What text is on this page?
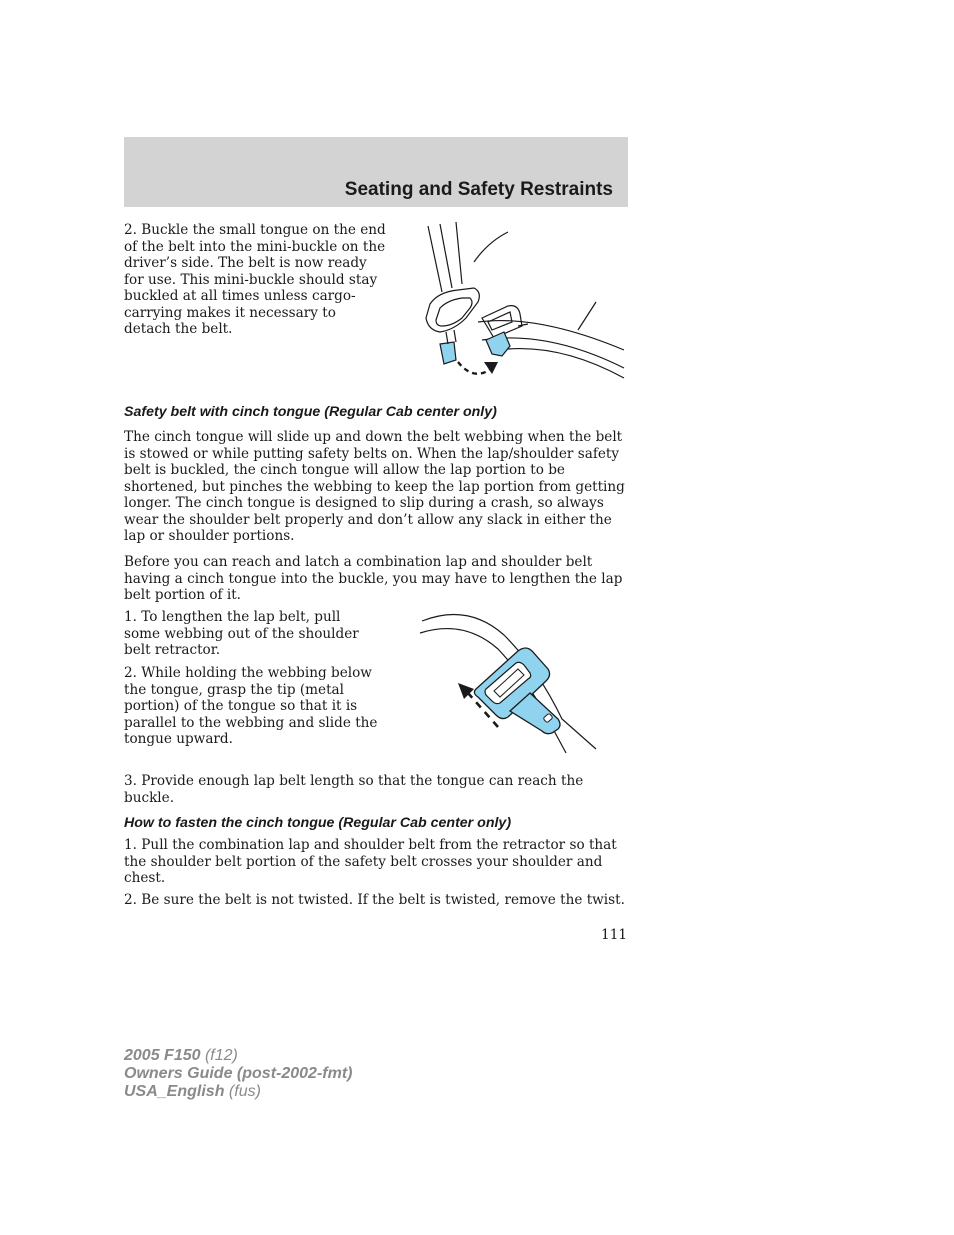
Seating and Safety Restraints

2. Buckle the small tongue on the end of the belt into the mini-buckle on the driver’s side. The belt is now ready for use. This mini-buckle should stay buckled at all times unless cargo-carrying makes it necessary to detach the belt.

Safety belt with cinch tongue (Regular Cab center only)

The cinch tongue will slide up and down the belt webbing when the belt is stowed or while putting safety belts on. When the lap/shoulder safety belt is buckled, the cinch tongue will allow the lap portion to be shortened, but pinches the webbing to keep the lap portion from getting longer. The cinch tongue is designed to slip during a crash, so always wear the shoulder belt properly and don’t allow any slack in either the lap or shoulder portions.

Before you can reach and latch a combination lap and shoulder belt having a cinch tongue into the buckle, you may have to lengthen the lap belt portion of it.

1. To lengthen the lap belt, pull some webbing out of the shoulder belt retractor.

2. While holding the webbing below the tongue, grasp the tip (metal portion) of the tongue so that it is parallel to the webbing and slide the tongue upward.

3. Provide enough lap belt length so that the tongue can reach the buckle.

How to fasten the cinch tongue (Regular Cab center only)

1. Pull the combination lap and shoulder belt from the retractor so that the shoulder belt portion of the safety belt crosses your shoulder and chest.

2. Be sure the belt is not twisted. If the belt is twisted, remove the twist.

111
2005 F150 (f12)
Owners Guide (post-2002-fmt)
USA_English (fus)
